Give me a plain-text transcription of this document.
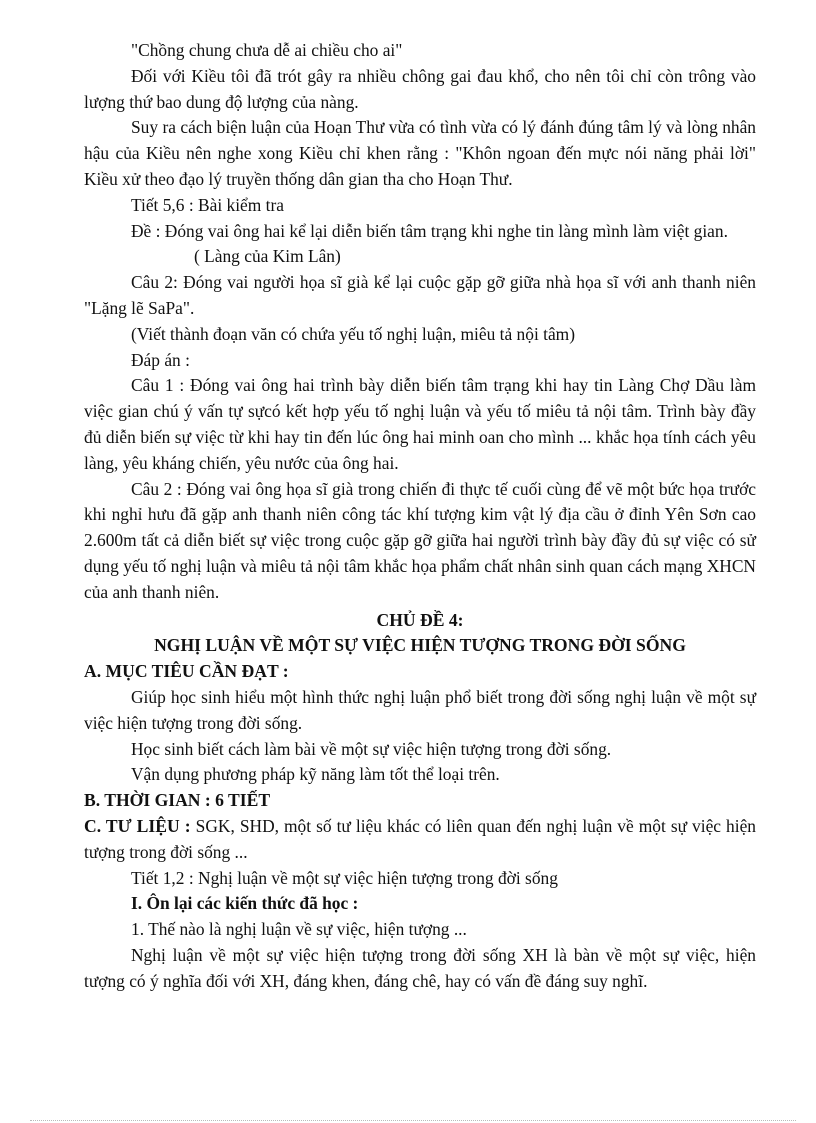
"Chồng chung chưa dễ ai chiều cho ai"

Đối với Kiều tôi đã trót gây ra nhiều chông gai đau khổ, cho nên tôi chỉ còn trông vào lượng thứ bao dung độ lượng của nàng.

Suy ra cách biện luận của Hoạn Thư vừa có tình vừa có lý đánh đúng tâm lý và lòng nhân hậu của Kiều nên nghe xong Kiều chỉ khen rằng : "Khôn ngoan đến mực nói năng phải lời" Kiều xử theo đạo lý truyền thống dân gian tha cho Hoạn Thư.

Tiết 5,6 : Bài kiểm tra

Đề : Đóng vai ông hai kể lại diễn biến tâm trạng khi nghe tin làng mình làm việt gian.

( Làng của Kim Lân)

Câu 2: Đóng vai người họa sĩ già kể lại cuộc gặp gỡ giữa nhà họa sĩ với anh thanh niên "Lặng lẽ SaPa".

(Viết thành đoạn văn có chứa yếu tố nghị luận, miêu tả nội tâm)

Đáp án :

Câu 1 : Đóng vai ông hai trình bày diễn biến tâm trạng khi hay tin Làng Chợ Dầu làm việc gian chú ý vấn tự sựcó kết hợp yếu tố nghị luận và yếu tố miêu tả nội tâm. Trình bày đầy đủ diễn biến sự việc từ khi hay tin đến lúc ông hai minh oan cho mình ... khắc họa tính cách yêu làng, yêu kháng chiến, yêu nước của ông hai.

Câu 2 : Đóng vai ông họa sĩ già trong chiến đi thực tế cuối cùng để vẽ một bức họa trước khi nghỉ hưu đã gặp anh thanh niên công tác khí tượng kim vật lý địa cầu ở đỉnh Yên Sơn cao 2.600m tất cả diễn biết sự việc trong cuộc gặp gỡ giữa hai người trình bày đầy đủ sự việc có sử dụng yếu tố nghị luận và miêu tả nội tâm khắc họa phẩm chất nhân sinh quan cách mạng XHCN của anh thanh niên.

CHỦ ĐỀ 4:

NGHỊ LUẬN VỀ MỘT SỰ VIỆC HIỆN TƯỢNG TRONG ĐỜI SỐNG

A. MỤC TIÊU CẦN ĐẠT :

Giúp học sinh hiểu một hình thức nghị luận phổ biết trong đời sống nghị luận về một sự việc hiện tượng trong đời sống.

Học sinh biết cách làm bài về một sự việc hiện tượng trong đời sống.

Vận dụng phương pháp kỹ năng làm tốt thể loại trên.

B. THỜI GIAN : 6 TIẾT

C. TƯ LIỆU : SGK, SHD, một số tư liệu khác có liên quan đến nghị luận về một sự việc hiện tượng trong đời sống ...

Tiết 1,2 : Nghị luận về một sự việc hiện tượng trong đời sống

I. Ôn lại các kiến thức đã học :

1. Thế nào là nghị luận về sự việc, hiện tượng ...

Nghị luận về một sự việc hiện tượng trong đời sống XH là bàn về một sự việc, hiện tượng có ý nghĩa đối với XH, đáng khen, đáng chê, hay có vấn đề đáng suy nghĩ.
